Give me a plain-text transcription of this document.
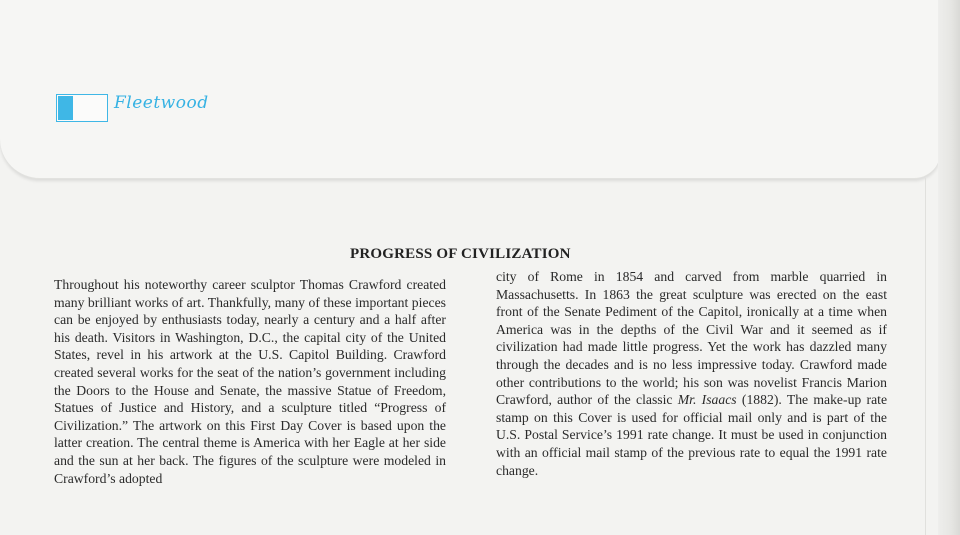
Fleetwood
PROGRESS OF CIVILIZATION

Throughout his noteworthy career sculptor Thomas Crawford created many brilliant works of art. Thankfully, many of these important pieces can be enjoyed by enthusiasts today, nearly a century and a half after his death. Visitors in Washington, D.C., the capital city of the United States, revel in his artwork at the U.S. Capitol Building. Crawford created several works for the seat of the nation’s government including the Doors to the House and Senate, the massive Statue of Freedom, Statues of Justice and History, and a sculpture titled “Progress of Civilization.” The artwork on this First Day Cover is based upon the latter creation. The central theme is America with her Eagle at her side and the sun at her back. The figures of the sculpture were modeled in Crawford’s adopted

city of Rome in 1854 and carved from marble quarried in Massachusetts. In 1863 the great sculpture was erected on the east front of the Senate Pediment of the Capitol, ironically at a time when America was in the depths of the Civil War and it seemed as if civilization had made little progress. Yet the work has dazzled many through the decades and is no less impressive today. Crawford made other contributions to the world; his son was novelist Francis Marion Crawford, author of the classic Mr. Isaacs (1882). The make-up rate stamp on this Cover is used for official mail only and is part of the U.S. Postal Service’s 1991 rate change. It must be used in conjunction with an official mail stamp of the previous rate to equal the 1991 rate change.
